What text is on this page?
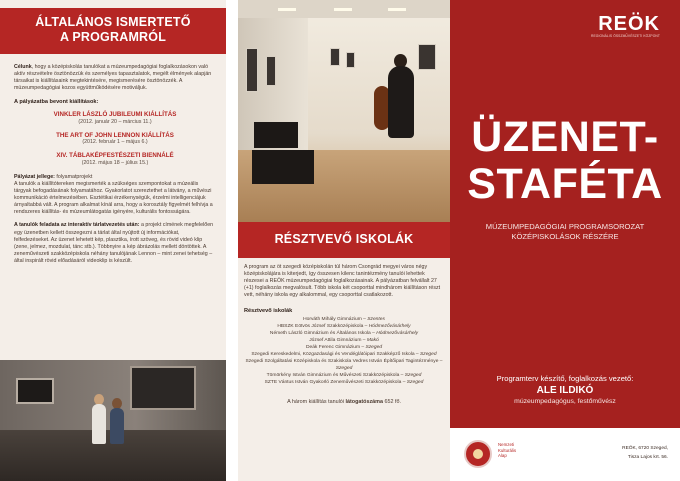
ÁLTALÁNOS ISMERTETŐ
A PROGRAMRÓL

Célunk, hogy a középiskolás tanulókat a múzeumpedagógiai foglalkozásokon való aktív részvételre ösztönözzük és személyes tapasztalatok, megélt élmények alapján társaikat is kiállításaink megtekintésére, megismerésére ösztönözzék. A múzeumpedagógiai kozos együttműködésére motiváljuk.

A pályázatba bevont kiállítások:

VINKLER LÁSZLÓ JUBILEUMI KIÁLLÍTÁS
(2012. január 20 – március 11.)
THE ART OF JOHN LENNON KIÁLLÍTÁS
(2012. február 1 – május 6.)
XIV. TÁBLAKÉPFESTÉSZETI BIENNÁLÉ
(2012. május 18 – július 15.)

Pályázat jellege: folyamatprojekt
A tanulók a kiállítótereken megismerték a szükséges szempontokat a múzeális tárgyak befogadásának folyamatához. Gyakorlatot szereztethet a látvány, a művészi kommunikáció értelmezésében. Esztétikai érzékenységük, érzelmi intelligenciájuk árnyaltabbá vált. A program alkalmat kínál arra, hogy a korosztály figyelmét felhívja a rendszeres kiállítás- és múzeumlátogatás igényére, kulturális fontosságára.

A tanulók feladata az interaktív tárlatvezetés után: a projekt címének megfelelően egy üzenetben kellett összegezni a tárlat által nyújtott új információkat, felfedezéseket. Az üzenet lehetett kép, plasztika, írott szöveg, és rövid videó klip (zene, jelmez, mozdulat, tánc stb.). Többnyire a kép ábrázolás mellett döntöttek. A zeneművészeti szakközépiskola néhány tanulójának Lennon – mint zenei tehetség – által inspirált rövid előadásáról videoklip is készült.

RÉSZTVEVŐ ISKOLÁK

A program az öt szegedi középiskolán túl három Csongrád megyei város négy középiskolájára is kiterjedt, így összesen kilenc tanintézmény tanulói lehettek részesei a REÖK múzeumpedagógiai foglalkozásainak. A pályázatban felvállalt 27 (+1) foglalkozás megvalósult. Több iskola két csoporttal mindhárom kiállításon részt vett, néhány iskola egy alkalommal, egy csoporttal csatlakozott.

Résztvevő iskolák

Horváth Mihály Gimnázium – Szentes
HBSZK Eötvös József Szakközépiskola – Hódmezővásárhely
Németh László Gimnázium és Általános Iskola – Hódmezővásárhely
József Attila Gimnázium – Makó
Deák Ferenc Gimnázium – Szeged
Szegedi Kereskedelmi, Közgazdasági és Vendéglátóipari Szakképző Iskola – Szeged
Szegedi Szolgáltatási Középiskola és Szakiskola Vedres István Építőipari Tagintézménye – Szeged
Tömörkény István Gimnázium és Művészeti Szakközépiskola – Szeged
SZTE Vántus István Gyakorló Zeneművészeti Szakközépiskola – Szeged

A három kiállítás tanulói látogatószáma 652 fő.

REÖK
REGIONÁLIS ÖSSZMŰVÉSZETI KÖZPONT
ÜZENET-
STAFÉTA
MÚZEUMPEDAGÓGIAI PROGRAMSOROZAT
KÖZÉPISKOLÁSOK RÉSZÉRE
Programterv készítő, foglalkozás vezető:
ALE ILDIKÓ
múzeumpedagógus, festőművész
Nemzeti
Kulturális
Alap
REÖK, 6720 Szeged,
Tisza Lajos krt. 56.
